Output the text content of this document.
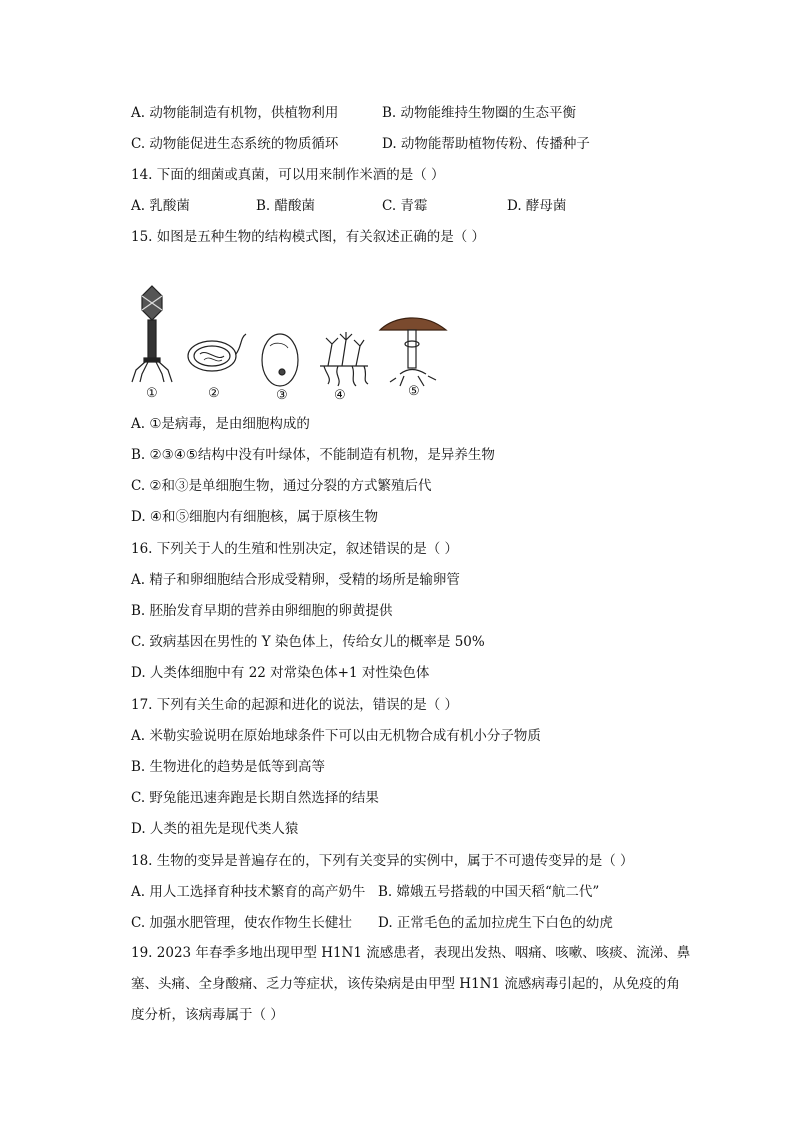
A. 动物能制造有机物，供植物利用	B. 动物能维持生物圈的生态平衡
C. 动物能促进生态系统的物质循环	D. 动物能帮助植物传粉、传播种子
14. 下面的细菌或真菌，可以用来制作米酒的是（ ）
A. 乳酸菌	B. 醋酸菌	C. 青霉	D. 酵母菌
15. 如图是五种生物的结构模式图，有关叙述正确的是（ ）
①	②	③	④	⑤
A. ①是病毒，是由细胞构成的
B. ②③④⑤结构中没有叶绿体，不能制造有机物，是异养生物
C. ②和③是单细胞生物，通过分裂的方式繁殖后代
D. ④和⑤细胞内有细胞核，属于原核生物
16. 下列关于人的生殖和性别决定，叙述错误的是（ ）
A. 精子和卵细胞结合形成受精卵，受精的场所是输卵管
B. 胚胎发育早期的营养由卵细胞的卵黄提供
C. 致病基因在男性的 Y 染色体上，传给女儿的概率是 50%
D. 人类体细胞中有 22 对常染色体+1 对性染色体
17. 下列有关生命的起源和进化的说法，错误的是（ ）
A. 米勒实验说明在原始地球条件下可以由无机物合成有机小分子物质
B. 生物进化的趋势是低等到高等
C. 野兔能迅速奔跑是长期自然选择的结果
D. 人类的祖先是现代类人猿
18. 生物的变异是普遍存在的，下列有关变异的实例中，属于不可遗传变异的是（ ）
A. 用人工选择育种技术繁育的高产奶牛 B. 嫦娥五号搭载的中国天稻“航二代”
C. 加强水肥管理，使农作物生长健壮 D. 正常毛色的孟加拉虎生下白色的幼虎
19. 2023 年春季多地出现甲型 H1N1 流感患者，表现出发热、咽痛、咳嗽、咳痰、流涕、鼻塞、头痛、全身酸痛、乏力等症状，该传染病是由甲型 H1N1 流感病毒引起的，从免疫的角度分析，该病毒属于（ ）
